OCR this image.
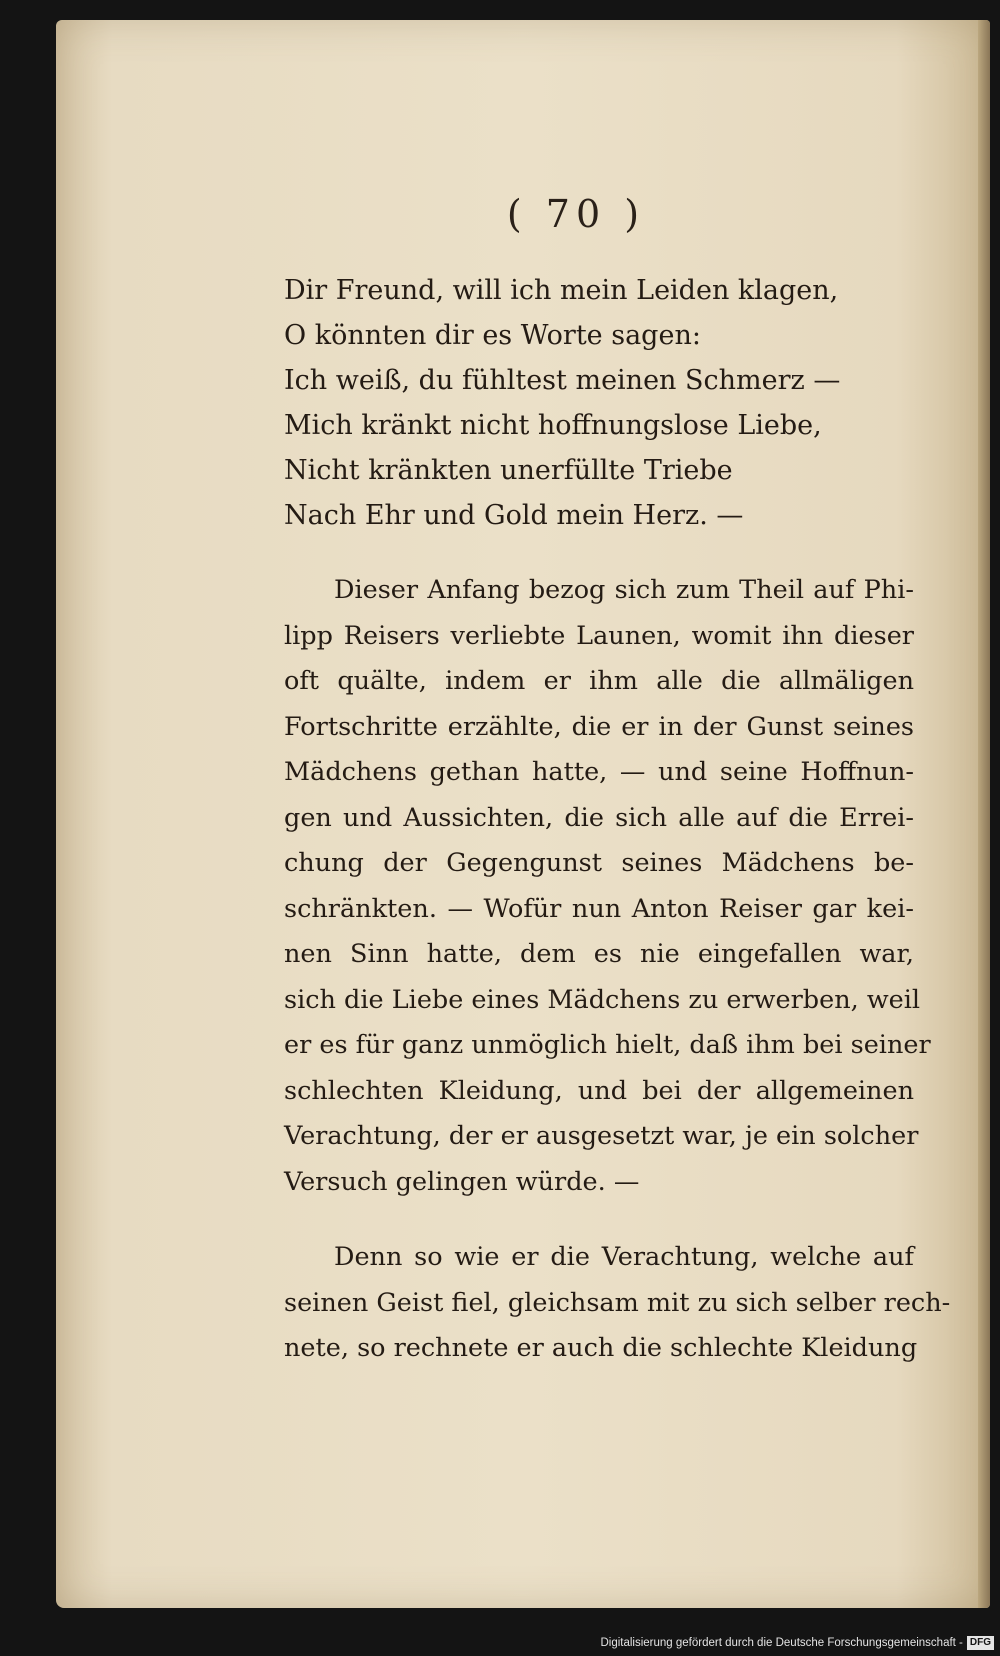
( 70 )
Dir Freund, will ich mein Leiden klagen,
O könnten dir es Worte sagen:
Ich weiß, du fühltest meinen Schmerz —
Mich kränkt nicht hoffnungslose Liebe,
Nicht kränkten unerfüllte Triebe
Nach Ehr und Gold mein Herz. —
Dieser Anfang bezog sich zum Theil auf Phi-
lipp Reisers verliebte Launen, womit ihn dieser
oft quälte, indem er ihm alle die allmäligen
Fortschritte erzählte, die er in der Gunst seines
Mädchens gethan hatte, — und seine Hoffnun-
gen und Aussichten, die sich alle auf die Errei-
chung der Gegengunst seines Mädchens be-
schränkten. — Wofür nun Anton Reiser gar kei-
nen Sinn hatte, dem es nie eingefallen war,
sich die Liebe eines Mädchens zu erwerben, weil
er es für ganz unmöglich hielt, daß ihm bei seiner
schlechten Kleidung, und bei der allgemeinen
Verachtung, der er ausgesetzt war, je ein solcher
Versuch gelingen würde. —
Denn so wie er die Verachtung, welche auf
seinen Geist fiel, gleichsam mit zu sich selber rech-
nete, so rechnete er auch die schlechte Kleidung
Digitalisierung gefördert durch die Deutsche Forschungsgemeinschaft - DFG
